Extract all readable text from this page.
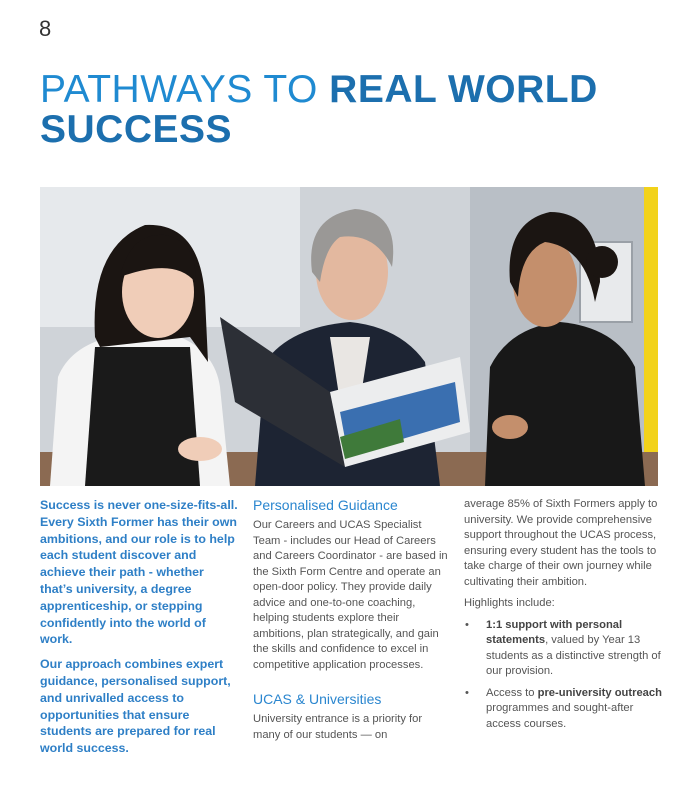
8
PATHWAYS TO REAL WORLD SUCCESS

Success is never one-size-fits-all. Every Sixth Former has their own ambitions, and our role is to help each student discover and achieve their path - whether that’s university, a degree apprenticeship, or stepping confidently into the world of work.

Our approach combines expert guidance, personalised support, and unrivalled access to opportunities that ensure students are prepared for real world success.

Personalised Guidance

Our Careers and UCAS Specialist Team - includes our Head of Careers and Careers Coordinator - are based in the Sixth Form Centre and operate an open-door policy. They provide daily advice and one-to-one coaching, helping students explore their ambitions, plan strategically, and gain the skills and confidence to excel in competitive application processes.

UCAS & Universities

University entrance is a priority for many of our students — on

average 85% of Sixth Formers apply to university. We provide comprehensive support throughout the UCAS process, ensuring every student has the tools to take charge of their own journey while cultivating their ambition.

Highlights include:

• 1:1 support with personal statements, valued by Year 13 students as a distinctive strength of our provision.
• Access to pre-university outreach programmes and sought-after access courses.
